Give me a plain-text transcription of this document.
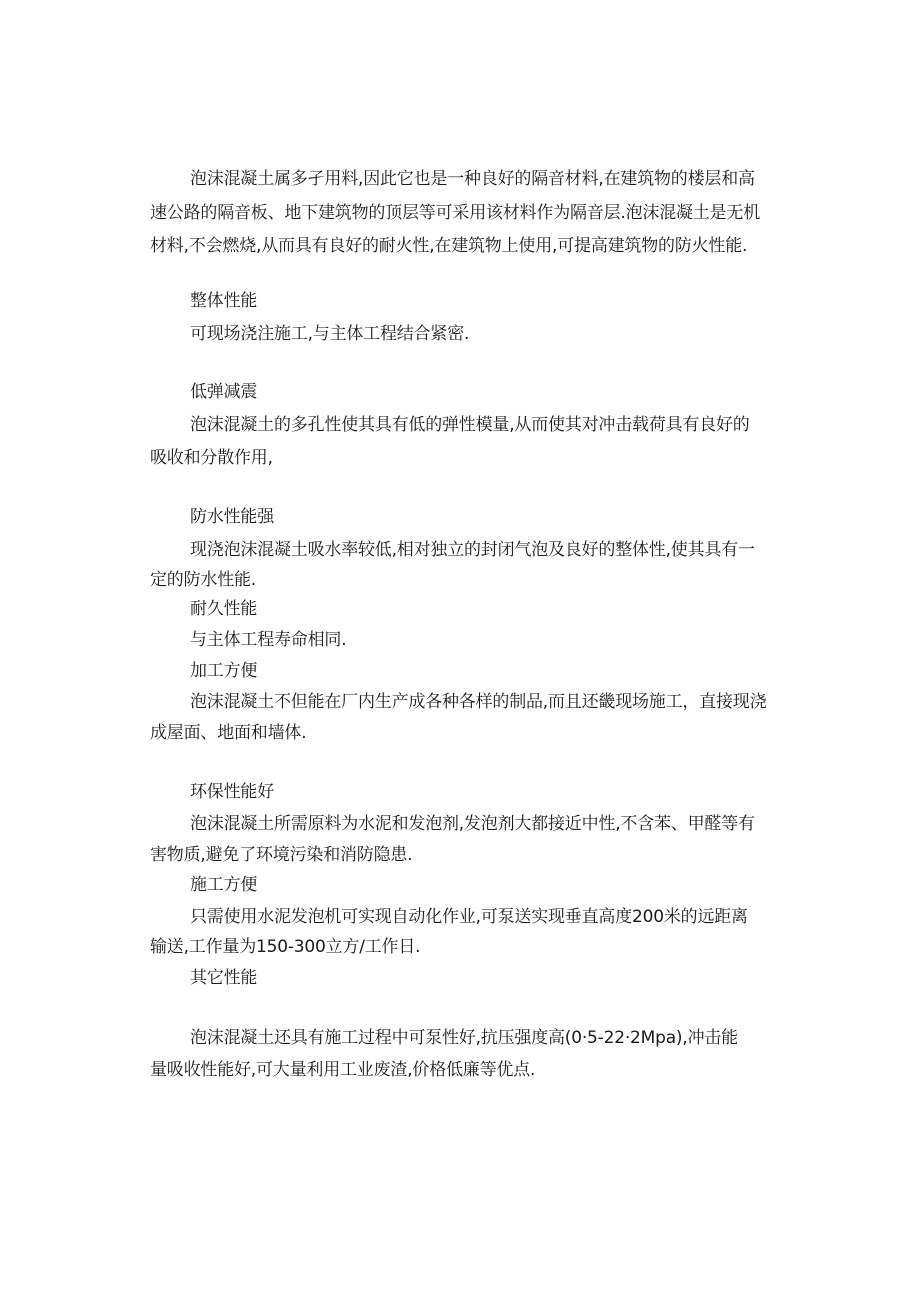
泡沫混凝土属多孑用料,因此它也是一种良好的隔音材料,在建筑物的楼层和高
速公路的隔音板、地下建筑物的顶层等可采用该材料作为隔音层.泡沫混凝土是无机
材料,不会燃烧,从而具有良好的耐火性,在建筑物上使用,可提高建筑物的防火性能.
整体性能
可现场浇注施工,与主体工程结合紧密.
低弹减震
泡沫混凝土的多孔性使其具有低的弹性模量,从而使其对冲击载荷具有良好的
吸收和分散作用,
防水性能强
现浇泡沫混凝土吸水率较低,相对独立的封闭气泡及良好的整体性,使其具有一
定的防水性能.
耐久性能
与主体工程寿命相同.
加工方便
泡沫混凝土不但能在厂内生产成各种各样的制品,而且还畿现场施工，直接现浇
成屋面、地面和墙体.
环保性能好
泡沫混凝土所需原料为水泥和发泡剂,发泡剂大都接近中性,不含苯、甲醛等有
害物质,避免了环境污染和消防隐患.
施工方便
只需使用水泥发泡机可实现自动化作业,可泵送实现垂直高度200米的远距离
输送,工作量为150-300立方/工作日.
其它性能
泡沫混凝土还具有施工过程中可泵性好,抗压强度高(0·5-22·2Mpa),冲击能
量吸收性能好,可大量利用工业废渣,价格低廉等优点.
